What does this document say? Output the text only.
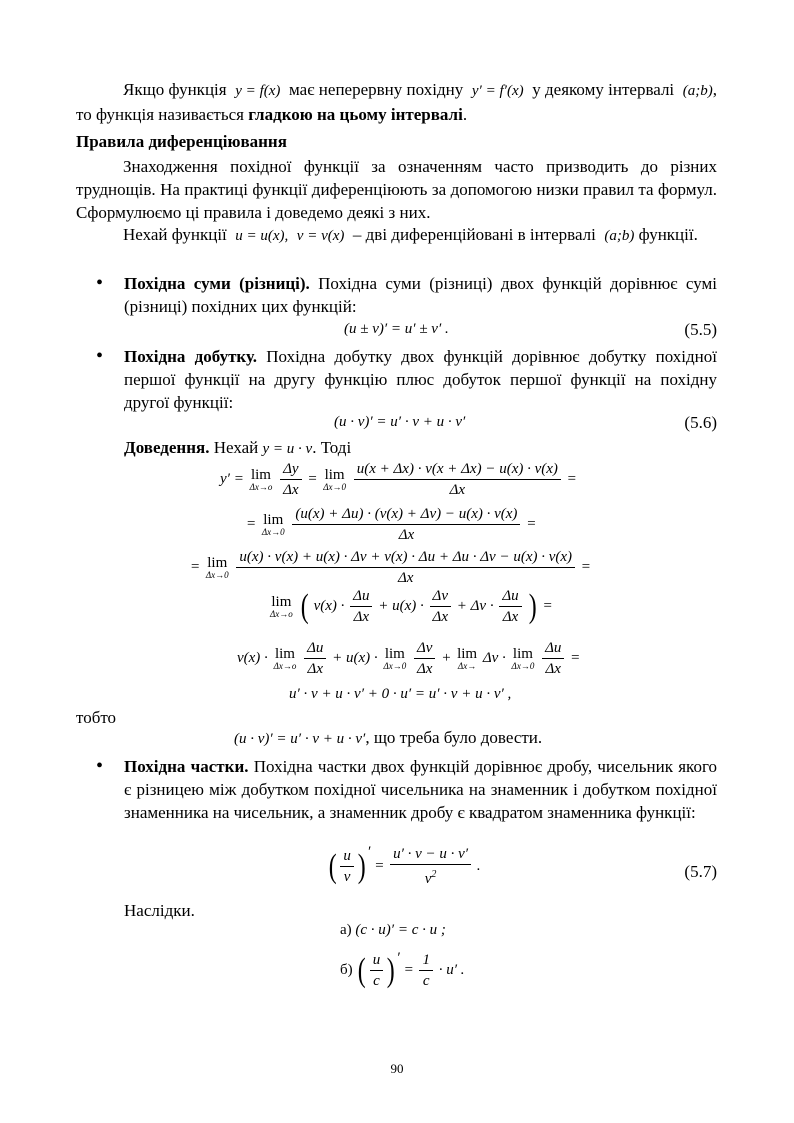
Якщо функція y = f(x) має неперервну похідну y′ = f′(x) у деякому інтервалі (a;b), то функція називається гладкою на цьому інтервалі.
Правила диференціювання
Знаходження похідної функції за означенням часто призводить до різних труднощів. На практиці функції диференціюють за допомогою низки правил та формул. Сформулюємо ці правила і доведемо деякі з них.
Нехай функції u = u(x), v = v(x) – дві диференційовані в інтервалі (a;b) функції.
• Похідна суми (різниці). Похідна суми (різниці) двох функцій дорівнює сумі (різниці) похідних цих функцій:
(u ± v)′ = u′ ± v′ .	(5.5)
• Похідна добутку. Похідна добутку двох функцій дорівнює добутку похідної першої функції на другу функцію плюс добуток першої функції на похідну другої функції:
(u · v)′ = u′ · v + u · v′	(5.6)
Доведення. Нехай y = u · v. Тоді
y′ = lim
Δx→o
$\frac{\Delta y}{\Delta x} = \lim$
Δx→0
$\frac{u(x + \Delta x) \cdot v(x + \Delta x) - u(x) \cdot v(x)}{\Delta x}$ =
= lim
Δx→0
$\frac{(u(x) + \Delta u) \cdot (v(x) + \Delta v) - u(x) \cdot v(x)}{\Delta x}$ =
= lim
Δx→0
$\frac{u(x) \cdot v(x) + u(x) \cdot \Delta v + v(x) \cdot \Delta u + \Delta u \cdot \Delta v - u(x) \cdot v(x)}{\Delta x}$ =
lim
Δx→o ( $v(x) \cdot \frac{\Delta u}{\Delta x} + u(x) \cdot \frac{\Delta v}{\Delta x} + \Delta v \cdot \frac{\Delta u}{\Delta x}$ ) =
v(x) · lim
Δx→o
$\frac{\Delta u}{\Delta x} + u(x) \cdot \lim$
Δx→0
$\frac{\Delta v}{\Delta x} + \lim$
Δx→ Δv · lim
Δx→0
$\frac{\Delta u}{\Delta x}$ =
u′ · v + u · v′ + 0 · u′ = u′ · v + u · v′ ,
тобто
(u · v)′ = u′ · v + u · v′, що треба було довести.
• Похідна частки. Похідна частки двох функцій дорівнює дробу, чисельник якого є різницею між добутком похідної чисельника на знаменник і добутком похідної знаменника на чисельник, а знаменник дробу є квадратом знаменника функції:
( $\frac{u}{v}$ ) ′ = $\frac{u' \cdot v - u \cdot v'}{v^2}$ .	(5.7)
Наслідки.
а) (c · u)′ = c · u ;
б) ( $\frac{u}{c}$ ) ′ = $\frac{1}{c} \cdot u'$ .
90
